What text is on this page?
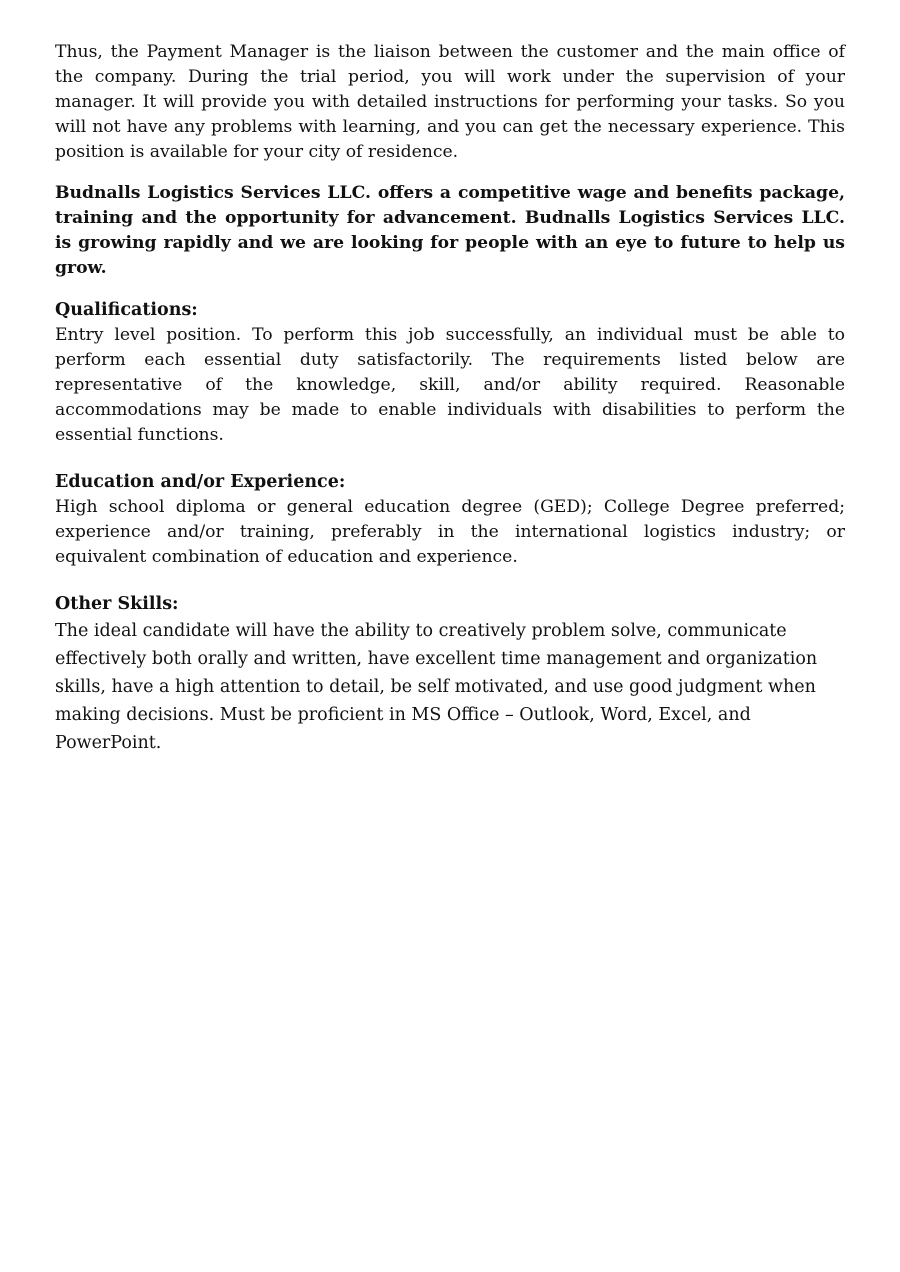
Thus, the Payment Manager is the liaison between the customer and the main office of the company. During the trial period, you will work under the supervision of your manager. It will provide you with detailed instructions for performing your tasks. So you will not have any problems with learning, and you can get the necessary experience. This position is available for your city of residence.

Budnalls Logistics Services LLC. offers a competitive wage and benefits package, training and the opportunity for advancement. Budnalls Logistics Services LLC. is growing rapidly and we are looking for people with an eye to future to help us grow.

Qualifications:

Entry level position. To perform this job successfully, an individual must be able to perform each essential duty satisfactorily. The requirements listed below are representative of the knowledge, skill, and/or ability required. Reasonable accommodations may be made to enable individuals with disabilities to perform the essential functions.

Education and/or Experience:

High school diploma or general education degree (GED); College Degree preferred; experience and/or training, preferably in the international logistics industry; or equivalent combination of education and experience.

Other Skills:

The ideal candidate will have the ability to creatively problem solve, communicate effectively both orally and written, have excellent time management and organization skills, have a high attention to detail, be self motivated, and use good judgment when making decisions. Must be proficient in MS Office – Outlook, Word, Excel, and PowerPoint.
